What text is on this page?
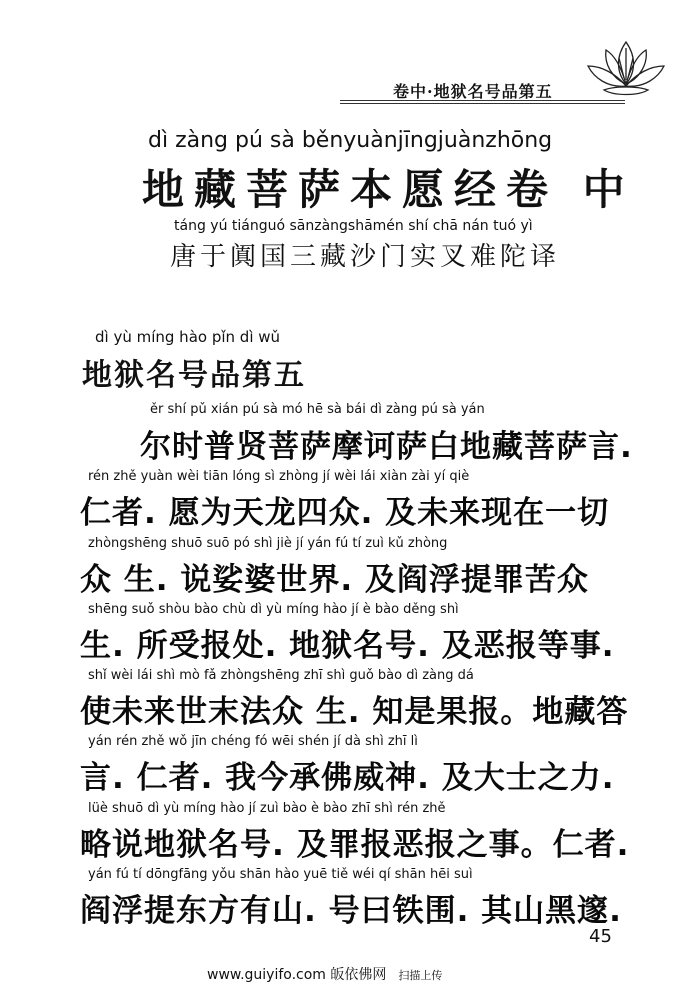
卷中·地狱名号品第五
dì zàng pú sà běnyuànjīngjuànzhōng
地藏菩萨本愿经卷 中
táng yú tiánguó sānzàngshāmén shí chā nán tuó yì
唐于阗国三藏沙门实叉难陀译
dì yù míng hào pǐn dì wǔ
地狱名号品第五
ěr shí pǔ xián pú sà mó hē sà bái dì zàng pú sà yán
尔时普贤菩萨摩诃萨白地藏菩萨言.
rén zhě yuàn wèi tiān lóng sì zhòng jí wèi lái xiàn zài yí qiè
仁者. 愿为天龙四众. 及未来现在一切
zhòngshēng shuō suō pó shì jiè jí yán fú tí zuì kǔ zhòng
众 生. 说娑婆世界. 及阎浮提罪苦众
shēng suǒ shòu bào chù dì yù míng hào jí è bào děng shì
生. 所受报处. 地狱名号. 及恶报等事.
shǐ wèi lái shì mò fǎ zhòngshēng zhī shì guǒ bào dì zàng dá
使未来世末法众 生. 知是果报。地藏答
yán rén zhě wǒ jīn chéng fó wēi shén jí dà shì zhī lì
言. 仁者. 我今承佛威神. 及大士之力.
lüè shuō dì yù míng hào jí zuì bào è bào zhī shì rén zhě
略说地狱名号. 及罪报恶报之事。仁者.
yán fú tí dōngfāng yǒu shān hào yuē tiě wéi qí shān hēi suì
阎浮提东方有山. 号曰铁围. 其山黑邃.
45
www.guiyifo.com 皈依佛网 扫描上传
